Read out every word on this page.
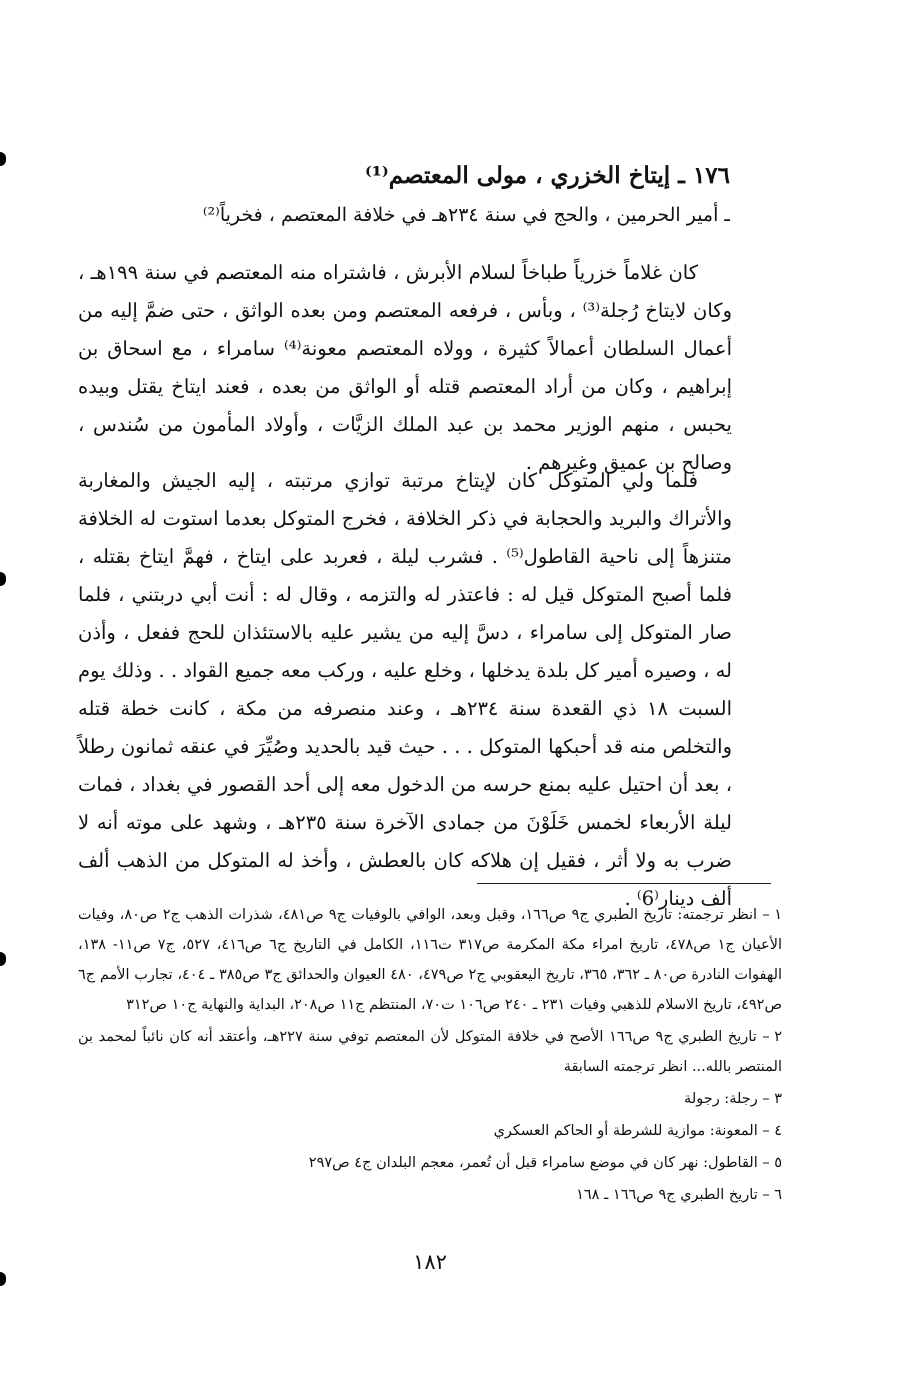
١٧٦ ـ إيتاخ الخزري ، مولى المعتصم⁽¹⁾
ـ أمير الحرمين ، والحج في سنة ٢٣٤هـ في خلافة المعتصم ، فخرياً⁽²⁾

كان غلاماً خزرياً طباخاً لسلام الأبرش ، فاشتراه منه المعتصم في سنة ١٩٩هـ ، وكان لايتاخ رُجلة⁽³⁾ ، وبأس ، فرفعه المعتصم ومن بعده الواثق ، حتى ضمَّ إليه من أعمال السلطان أعمالاً كثيرة ، وولاه المعتصم معونة⁽⁴⁾ سامراء ، مع اسحاق بن إبراهيم ، وكان من أراد المعتصم قتله أو الواثق من بعده ، فعند ايتاخ يقتل وبيده يحبس ، منهم الوزير محمد بن عبد الملك الزيَّات ، وأولاد المأمون من سُندس ، وصالح بن عميق وغيرهم .

فلما ولي المتوكل كان لإيتاخ مرتبة توازي مرتبته ، إليه الجيش والمغاربة والأتراك والبريد والحجابة في ذكر الخلافة ، فخرج المتوكل بعدما استوت له الخلافة متنزهاً إلى ناحية القاطول⁽⁵⁾ . فشرب ليلة ، فعربد على ايتاخ ، فهمَّ ايتاخ بقتله ، فلما أصبح المتوكل قيل له : فاعتذر له والتزمه ، وقال له : أنت أبي دربتني ، فلما صار المتوكل إلى سامراء ، دسَّ إليه من يشير عليه بالاستئذان للحج ففعل ، وأذن له ، وصيره أمير كل بلدة يدخلها ، وخلع عليه ، وركب معه جميع القواد . . وذلك يوم السبت ١٨ ذي القعدة سنة ٢٣٤هـ ، وعند منصرفه من مكة ، كانت خطة قتله والتخلص منه قد أحبكها المتوكل . . . حيث قيد بالحديد وصُيِّرَ في عنقه ثمانون رطلاً ، بعد أن احتيل عليه بمنع حرسه من الدخول معه إلى أحد القصور في بغداد ، فمات ليلة الأربعاء لخمس خَلَوْنَ من جمادى الآخرة سنة ٢٣٥هـ ، وشهد على موته أنه لا ضرب به ولا أثر ، فقيل إن هلاكه كان بالعطش ، وأخذ له المتوكل من الذهب ألف ألف دينار⁽6⁾ .

١ – انظر ترجمته: تاريخ الطبري ج٩ ص١٦٦، وقبل وبعد، الوافي بالوفيات ج٩ ص٤٨١، شذرات الذهب ج٢ ص٨٠، وفيات الأعيان ج١ ص٤٧٨، تاريخ امراء مكة المكرمة ص٣١٧ ت١١٦، الكامل في التاريخ ج٦ ص٤١٦، ٥٢٧، ج٧ ص١١- ١٣٨، الهفوات النادرة ص٨٠ ـ ٣٦٢، ٣٦٥، تاريخ اليعقوبي ج٢ ص٤٧٩، ٤٨٠ العيوان والحدائق ج٣ ص٣٨٥ ـ ٤٠٤، تجارب الأمم ج٦ ص٤٩٢، تاريخ الاسلام للذهبي وفيات ٢٣١ ـ ٢٤٠ ص١٠٦ ت٧٠، المنتظم ج١١ ص٢٠٨، البداية والنهاية ج١٠ ص٣١٢
٢ – تاريخ الطبري ج٩ ص١٦٦ الأصح في خلافة المتوكل لأن المعتصم توفي سنة ٢٢٧هـ، وأعتقد أنه كان نائباً لمحمد بن المنتصر بالله... انظر ترجمته السابقة
٣ – رجلة: رجولة
٤ – المعونة: موازية للشرطة أو الحاكم العسكري
٥ – القاطول: نهر كان في موضع سامراء قبل أن تُعمر، معجم البلدان ج٤ ص٢٩٧
٦ – تاريخ الطبري ج٩ ص١٦٦ ـ ١٦٨
١٨٢
